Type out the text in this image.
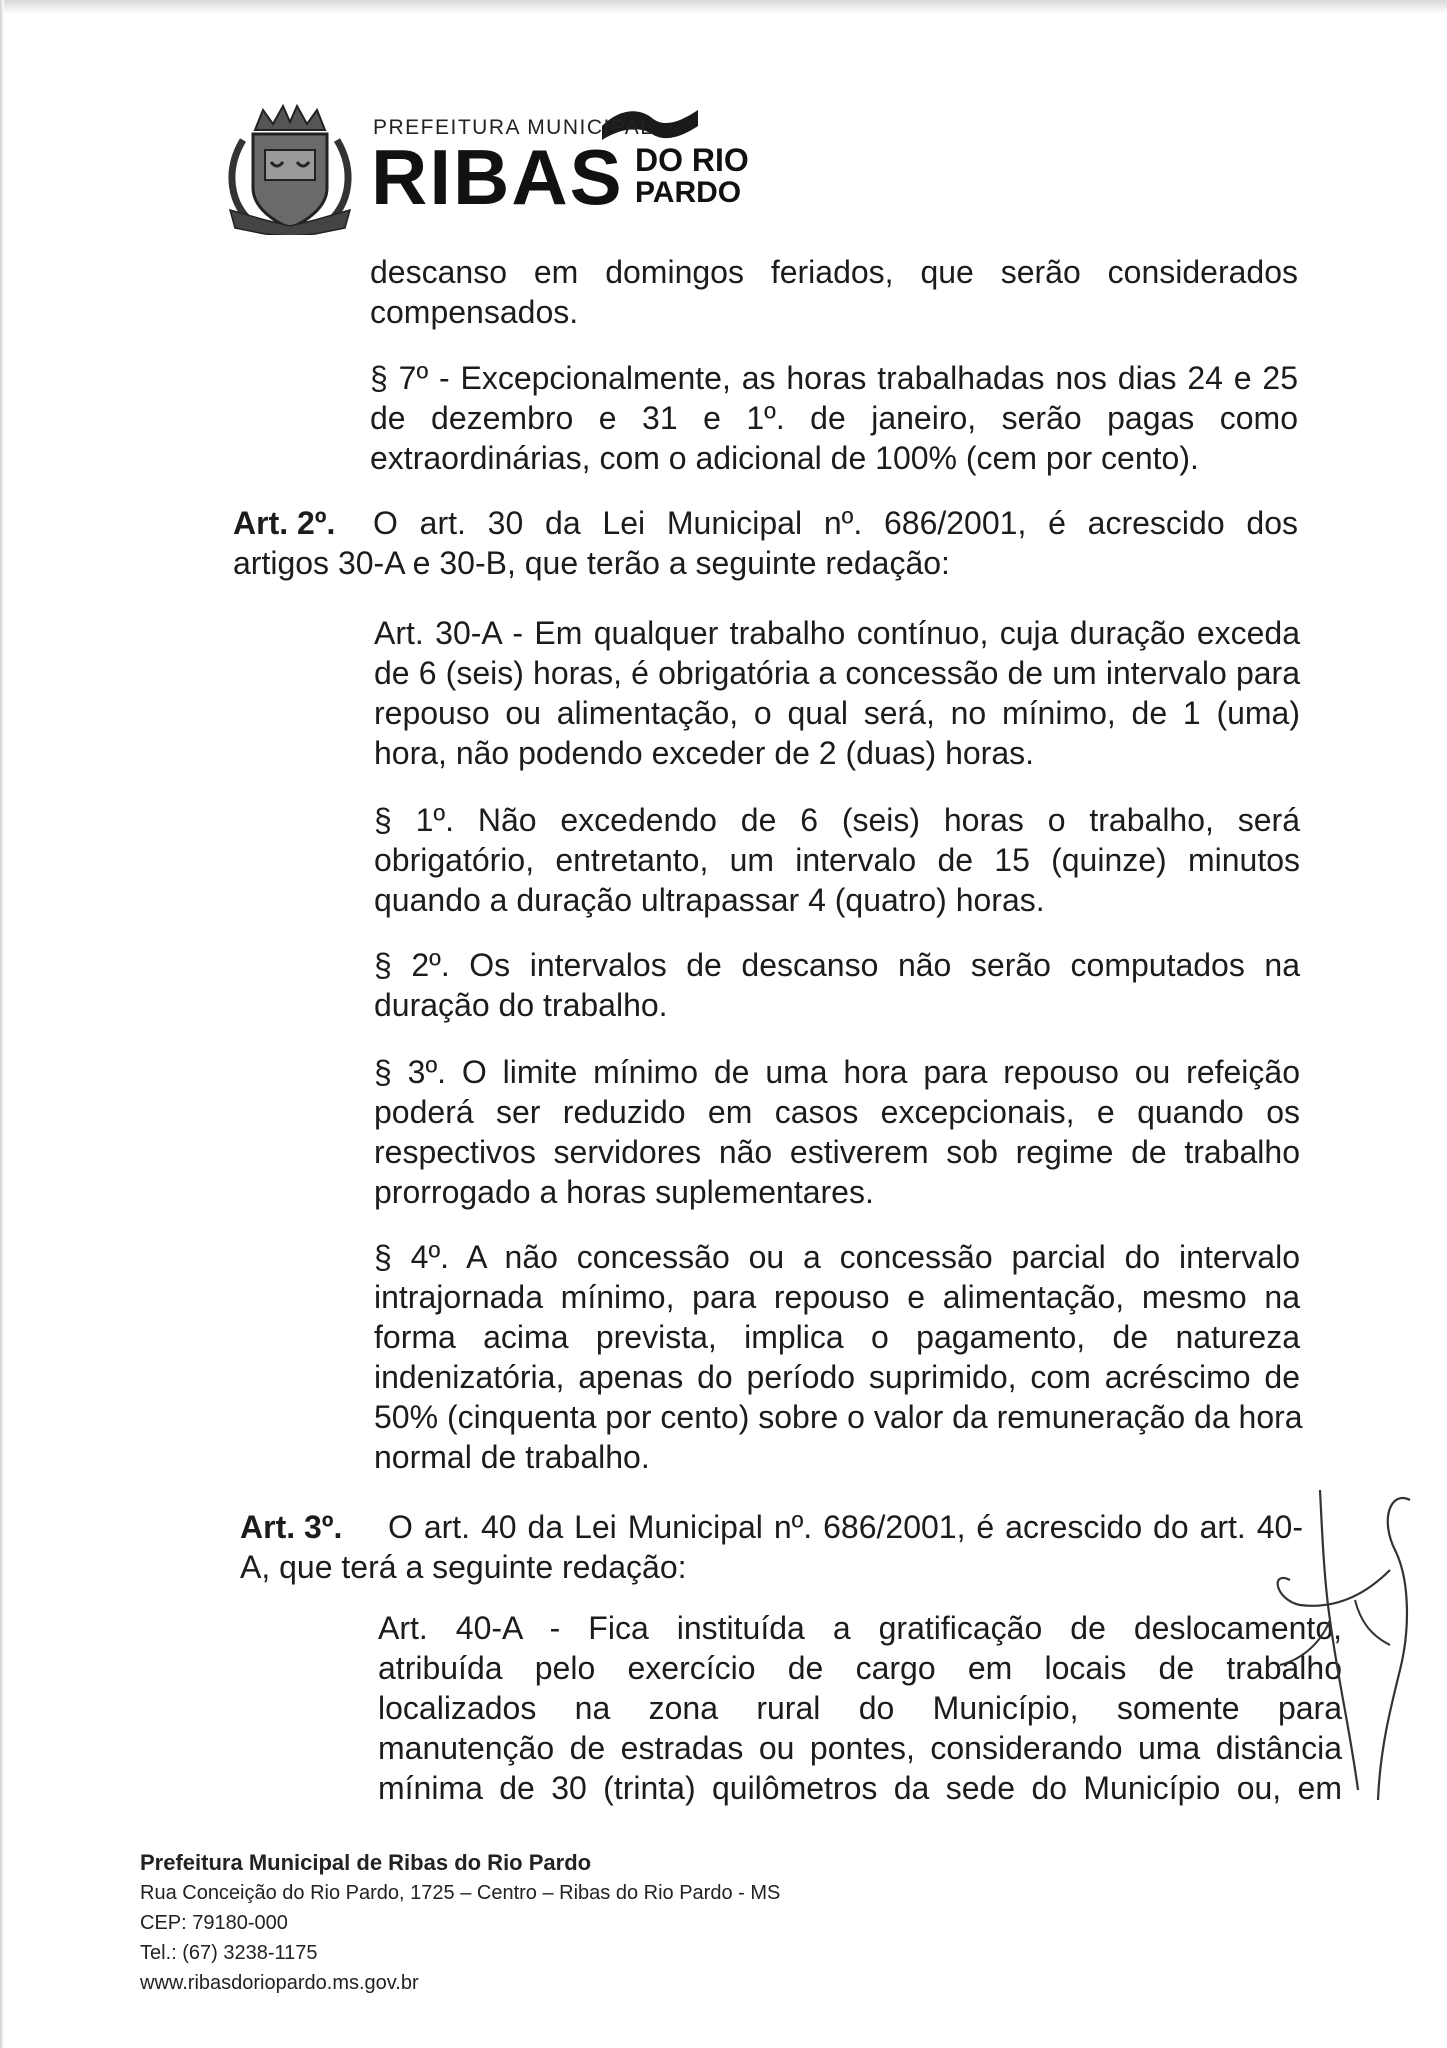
PREFEITURA MUNICIPAL
RIBAS DO RIO
PARDO
descanso em domingos feriados, que serão considerados
compensados.
§ 7º - Excepcionalmente, as horas trabalhadas nos dias 24 e 25
de dezembro e 31 e 1º. de janeiro, serão pagas como
extraordinárias, com o adicional de 100% (cem por cento).
Art. 2º. O art. 30 da Lei Municipal nº. 686/2001, é acrescido dos
artigos 30-A e 30-B, que terão a seguinte redação:
Art. 30-A - Em qualquer trabalho contínuo, cuja duração exceda
de 6 (seis) horas, é obrigatória a concessão de um intervalo para
repouso ou alimentação, o qual será, no mínimo, de 1 (uma)
hora, não podendo exceder de 2 (duas) horas.
§ 1º. Não excedendo de 6 (seis) horas o trabalho, será
obrigatório, entretanto, um intervalo de 15 (quinze) minutos
quando a duração ultrapassar 4 (quatro) horas.
§ 2º. Os intervalos de descanso não serão computados na
duração do trabalho.
§ 3º. O limite mínimo de uma hora para repouso ou refeição
poderá ser reduzido em casos excepcionais, e quando os
respectivos servidores não estiverem sob regime de trabalho
prorrogado a horas suplementares.
§ 4º. A não concessão ou a concessão parcial do intervalo
intrajornada mínimo, para repouso e alimentação, mesmo na
forma acima prevista, implica o pagamento, de natureza
indenizatória, apenas do período suprimido, com acréscimo de
50% (cinquenta por cento) sobre o valor da remuneração da hora
normal de trabalho.
Art. 3º. O art. 40 da Lei Municipal nº. 686/2001, é acrescido do art. 40-
A, que terá a seguinte redação:
Art. 40-A - Fica instituída a gratificação de deslocamento,
atribuída pelo exercício de cargo em locais de trabalho
localizados na zona rural do Município, somente para
manutenção de estradas ou pontes, considerando uma distância
mínima de 30 (trinta) quilômetros da sede do Município ou, em
Prefeitura Municipal de Ribas do Rio Pardo
Rua Conceição do Rio Pardo, 1725 – Centro – Ribas do Rio Pardo - MS
CEP: 79180-000
Tel.: (67) 3238-1175
www.ribasdoriopardo.ms.gov.br
